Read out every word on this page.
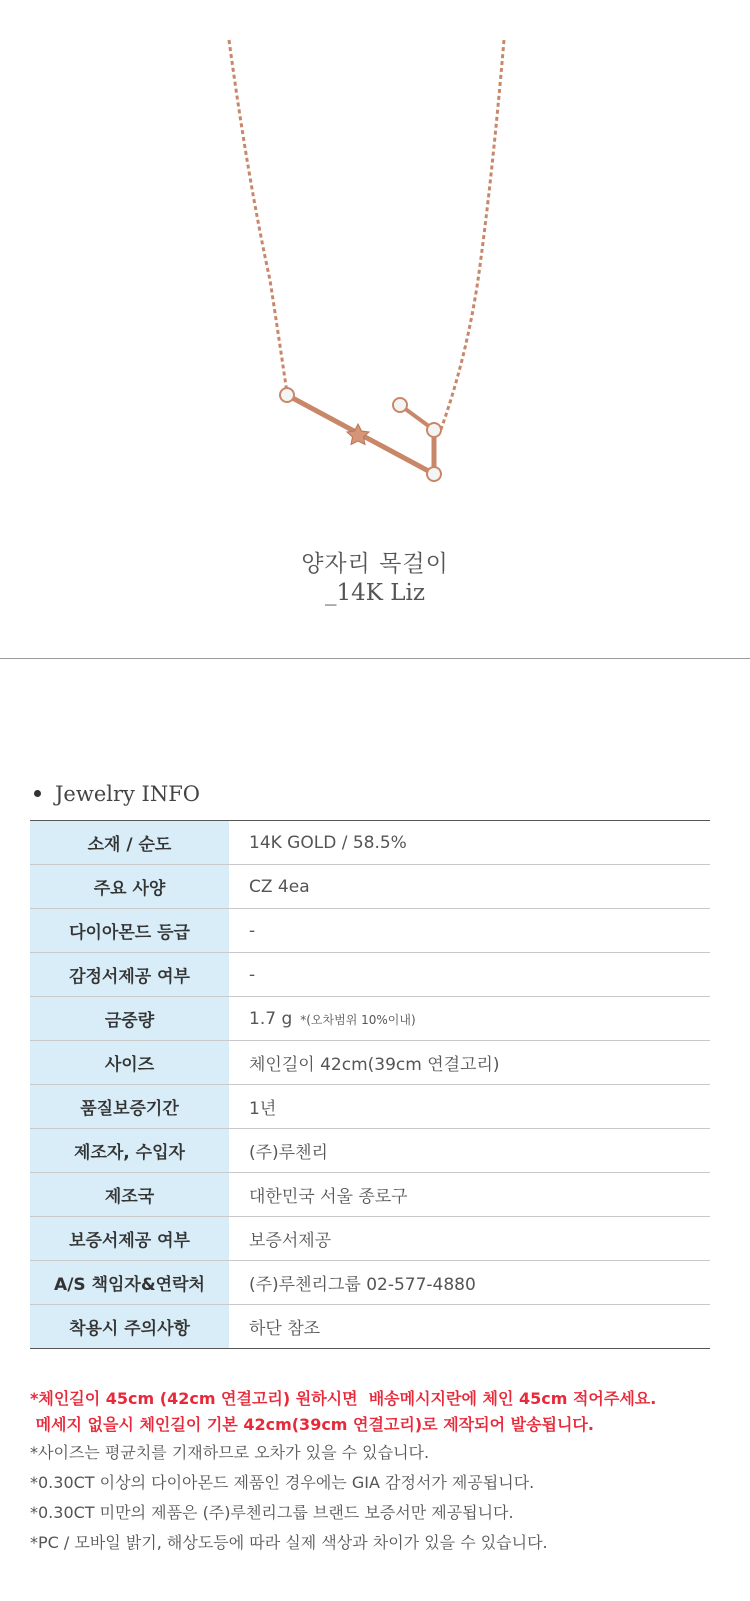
양자리 목걸이
_14K Liz
Jewelry INFO
소재 / 순도	14K GOLD / 58.5%
주요 사양	CZ 4ea
다이아몬드 등급	-
감정서제공 여부	-
금중량	1.7 g *(오차범위 10%이내)
사이즈	체인길이 42cm(39cm 연결고리)
품질보증기간	1년
제조자, 수입자	(주)루첸리
제조국	대한민국 서울 종로구
보증서제공 여부	보증서제공
A/S 책임자&연락처	(주)루첸리그룹 02-577-4880
착용시 주의사항	하단 참조
*체인길이 45cm (42cm 연결고리) 원하시면  배송메시지란에 체인 45cm 적어주세요.
메세지 없을시 체인길이 기본 42cm(39cm 연결고리)로 제작되어 발송됩니다.
*사이즈는 평균치를 기재하므로 오차가 있을 수 있습니다.
*0.30CT 이상의 다이아몬드 제품인 경우에는 GIA 감정서가 제공됩니다.
*0.30CT 미만의 제품은 (주)루첸리그룹 브랜드 보증서만 제공됩니다.
*PC / 모바일 밝기, 해상도등에 따라 실제 색상과 차이가 있을 수 있습니다.
